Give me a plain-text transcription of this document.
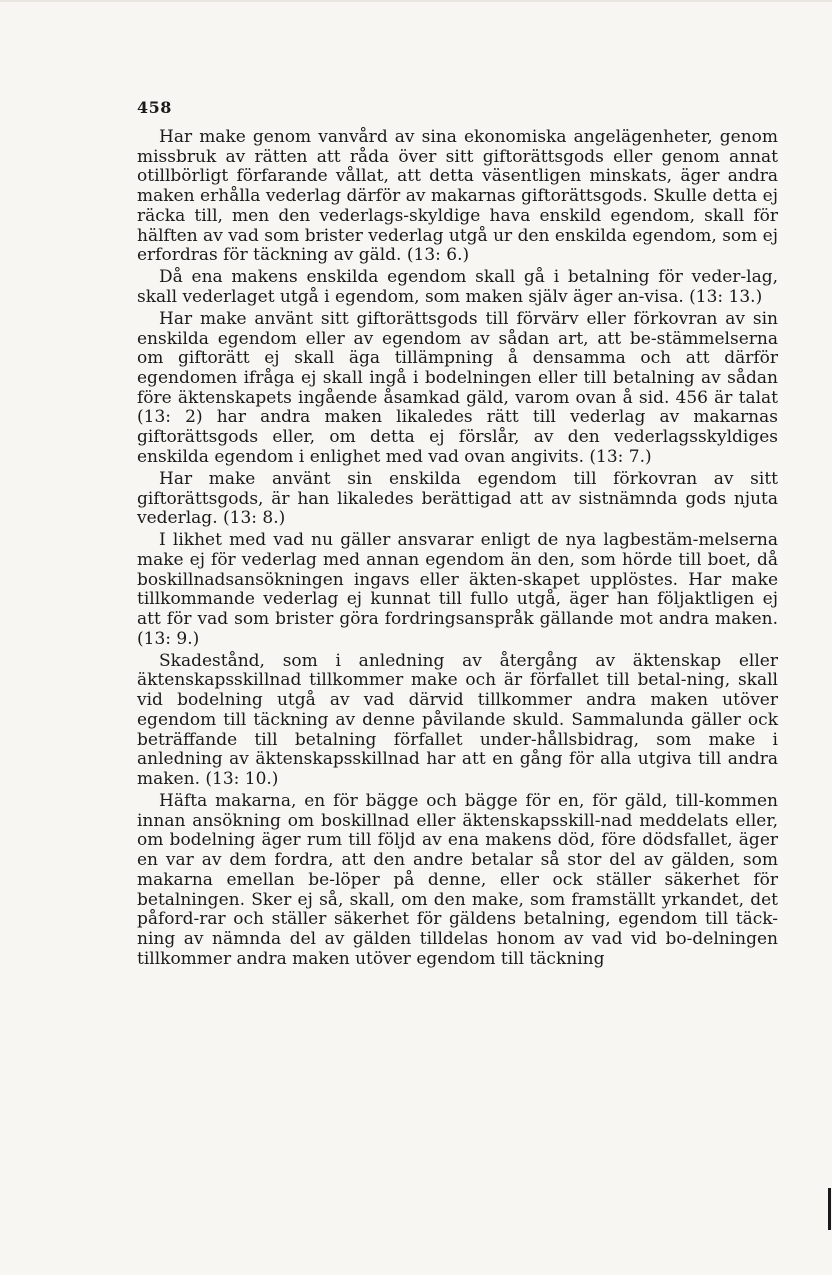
458

Har make genom vanvård av sina ekonomiska angelägenheter, genom missbruk av rätten att råda över sitt giftorättsgods eller genom annat otillbörligt förfarande vållat, att detta väsentligen minskats, äger andra maken erhålla vederlag därför av makarnas giftorättsgods. Skulle detta ej räcka till, men den vederlags-skyldige hava enskild egendom, skall för hälften av vad som brister vederlag utgå ur den enskilda egendom, som ej erfordras för täckning av gäld. (13: 6.)

Då ena makens enskilda egendom skall gå i betalning för veder-lag, skall vederlaget utgå i egendom, som maken själv äger an-visa. (13: 13.)

Har make använt sitt giftorättsgods till förvärv eller förkovran av sin enskilda egendom eller av egendom av sådan art, att be-stämmelserna om giftorätt ej skall äga tillämpning å densamma och att därför egendomen ifråga ej skall ingå i bodelningen eller till betalning av sådan före äktenskapets ingående åsamkad gäld, varom ovan å sid. 456 är talat (13: 2) har andra maken likaledes rätt till vederlag av makarnas giftorättsgods eller, om detta ej förslår, av den vederlagsskyldiges enskilda egendom i enlighet med vad ovan angivits. (13: 7.)

Har make använt sin enskilda egendom till förkovran av sitt giftorättsgods, är han likaledes berättigad att av sistnämnda gods njuta vederlag. (13: 8.)

I likhet med vad nu gäller ansvarar enligt de nya lagbestäm-melserna make ej för vederlag med annan egendom än den, som hörde till boet, då boskillnadsansökningen ingavs eller äkten-skapet upplöstes. Har make tillkommande vederlag ej kunnat till fullo utgå, äger han följaktligen ej att för vad som brister göra fordringsanspråk gällande mot andra maken. (13: 9.)

Skadestånd, som i anledning av återgång av äktenskap eller äktenskapsskillnad tillkommer make och är förfallet till betal-ning, skall vid bodelning utgå av vad därvid tillkommer andra maken utöver egendom till täckning av denne påvilande skuld. Sammalunda gäller ock beträffande till betalning förfallet under-hållsbidrag, som make i anledning av äktenskapsskillnad har att en gång för alla utgiva till andra maken. (13: 10.)

Häfta makarna, en för bägge och bägge för en, för gäld, till-kommen innan ansökning om boskillnad eller äktenskapsskill-nad meddelats eller, om bodelning äger rum till följd av ena makens död, före dödsfallet, äger en var av dem fordra, att den andre betalar så stor del av gälden, som makarna emellan be-löper på denne, eller ock ställer säkerhet för betalningen. Sker ej så, skall, om den make, som framställt yrkandet, det påford-rar och ställer säkerhet för gäldens betalning, egendom till täck-ning av nämnda del av gälden tilldelas honom av vad vid bo-delningen tillkommer andra maken utöver egendom till täckning
